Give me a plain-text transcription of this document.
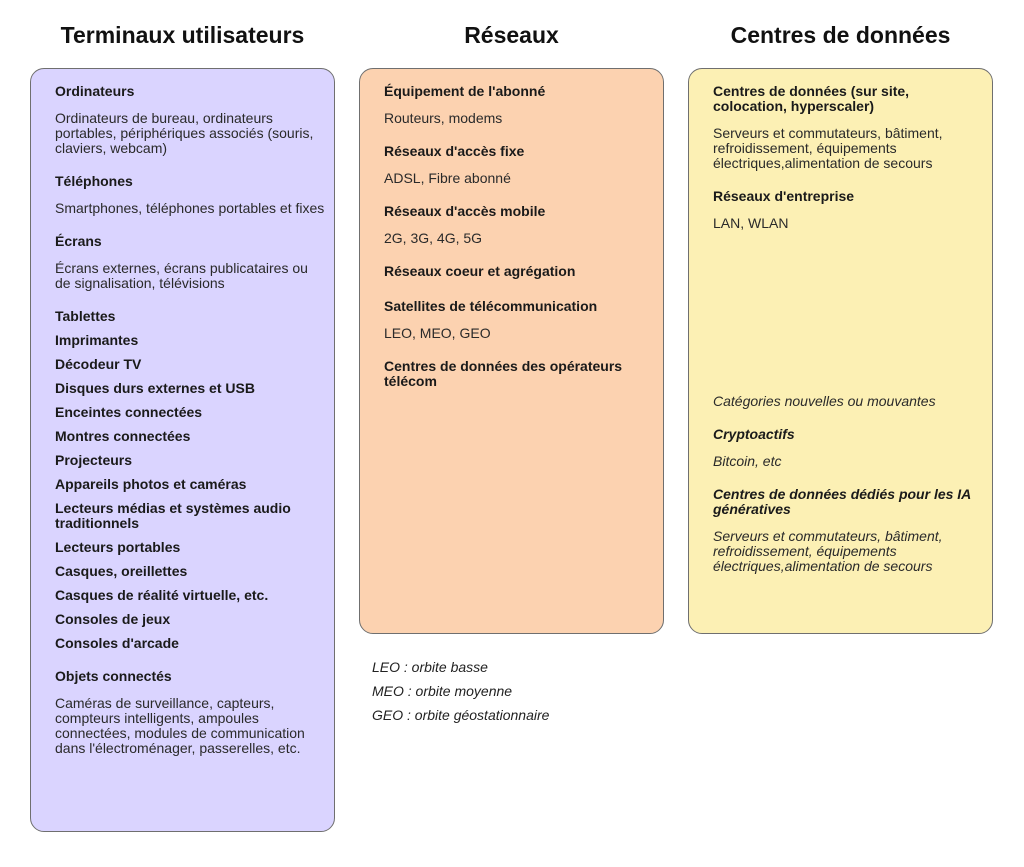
Terminaux utilisateurs	Réseaux	Centres de données
Ordinateurs
Ordinateurs de bureau, ordinateurs portables, périphériques associés (souris, claviers, webcam)
Téléphones
Smartphones, téléphones portables et fixes
Écrans
Écrans externes, écrans publicataires ou de signalisation, télévisions
Tablettes
Imprimantes
Décodeur TV
Disques durs externes et USB
Enceintes connectées
Montres connectées
Projecteurs
Appareils photos et caméras
Lecteurs médias et systèmes audio traditionnels
Lecteurs portables
Casques, oreillettes
Casques de réalité virtuelle, etc.
Consoles de jeux
Consoles d'arcade
Objets connectés
Caméras de surveillance, capteurs, compteurs intelligents, ampoules connectées, modules de communication dans l'électroménager, passerelles, etc.
Équipement de l'abonné
Routeurs, modems
Réseaux d'accès fixe
ADSL, Fibre abonné
Réseaux d'accès mobile
2G, 3G, 4G, 5G
Réseaux coeur et agrégation
Satellites de télécommunication
LEO, MEO, GEO
Centres de données des opérateurs télécom
Centres de données (sur site, colocation, hyperscaler)
Serveurs et commutateurs, bâtiment, refroidissement, équipements électriques,alimentation de secours
Réseaux d'entreprise
LAN, WLAN
Catégories nouvelles ou mouvantes
Cryptoactifs
Bitcoin, etc
Centres de données dédiés pour les IA génératives
Serveurs et commutateurs, bâtiment, refroidissement, équipements électriques,alimentation de secours
LEO : orbite basse
MEO : orbite moyenne
GEO : orbite géostationnaire
